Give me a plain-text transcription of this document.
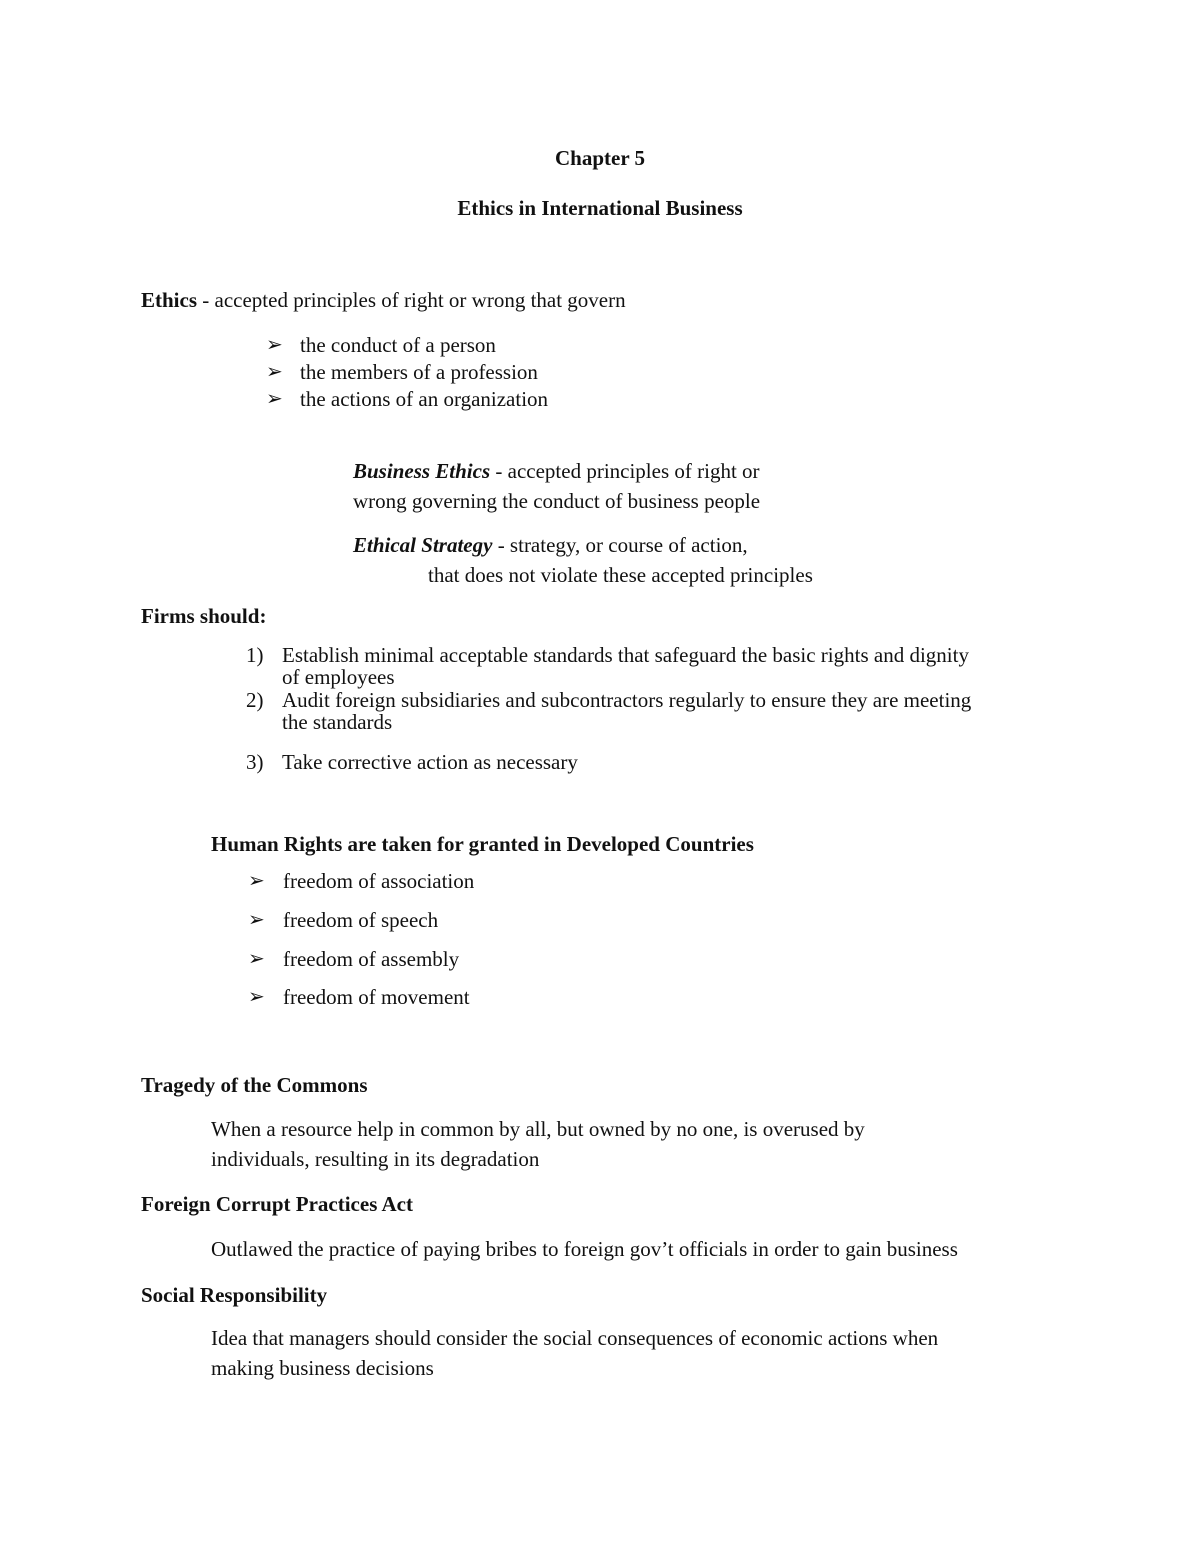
Chapter 5
Ethics in International Business
Ethics - accepted principles of right or wrong that govern
➢ the conduct of a person
➢ the members of a profession
➢ the actions of an organization
Business Ethics - accepted principles of right or
wrong governing the conduct of business people
Ethical Strategy - strategy, or course of action,
that does not violate these accepted principles
Firms should:
1) Establish minimal acceptable standards that safeguard the basic rights and dignity
of employees
2) Audit foreign subsidiaries and subcontractors regularly to ensure they are meeting
the standards
3) Take corrective action as necessary
Human Rights are taken for granted in Developed Countries
➢ freedom of association
➢ freedom of speech
➢ freedom of assembly
➢ freedom of movement
Tragedy of the Commons
When a resource help in common by all, but owned by no one, is overused by
individuals, resulting in its degradation
Foreign Corrupt Practices Act
Outlawed the practice of paying bribes to foreign gov’t officials in order to gain business
Social Responsibility
Idea that managers should consider the social consequences of economic actions when
making business decisions
